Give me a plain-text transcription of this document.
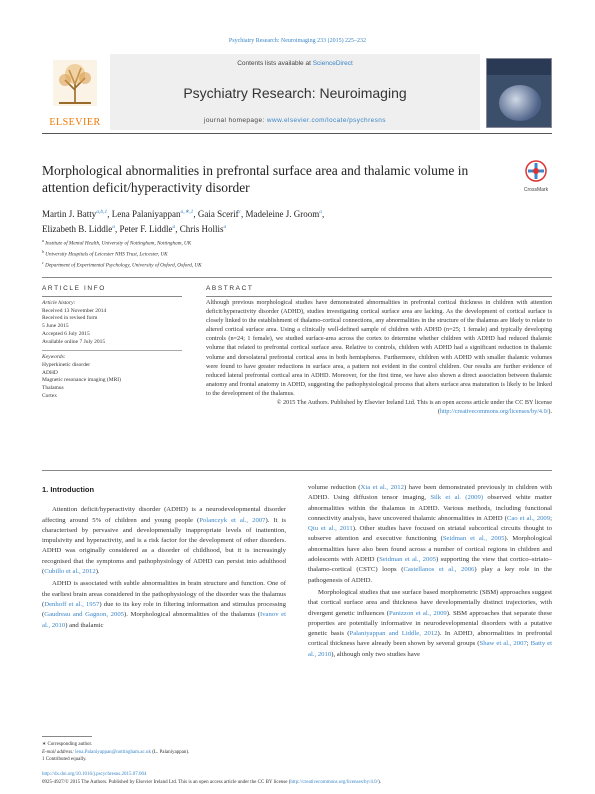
Psychiatry Research: Neuroimaging 233 (2015) 225–232
ELSEVIER
Contents lists available at ScienceDirect
Psychiatry Research: Neuroimaging
journal homepage: www.elsevier.com/locate/psychresns
Morphological abnormalities in prefrontal surface area and thalamic volume in attention deficit/hyperactivity disorder	CrossMark
Martin J. Batty$^{a,b,1}$, Lena Palaniyappan$^{a,∗,1}$, Gaia Scerif$^c$, Madeleine J. Groom$^a$,
Elizabeth B. Liddle$^a$, Peter F. Liddle$^a$, Chris Hollis$^a$
$^a$ Institute of Mental Health, University of Nottingham, Nottingham, UK
$^b$ University Hospitals of Leicester NHS Trust, Leicester, UK
$^c$ Department of Experimental Psychology, University of Oxford, Oxford, UK
ARTICLE INFO	ABSTRACT
Article history:
Received 13 November 2014
Received in revised form
5 June 2015
Accepted 6 July 2015
Available online 7 July 2015
Keywords:
Hyperkinetic disorder
ADHD
Magnetic resonance imaging (MRI)
Thalamus
Cortex
Although previous morphological studies have demonstrated abnormalities in prefrontal cortical thickness in children with attention deficit/hyperactivity disorder (ADHD), studies investigating cortical surface area are lacking. As the development of cortical surface is closely linked to the establishment of thalamo-cortical connections, any abnormalities in the structure of the thalamus are likely to relate to altered cortical surface area. Using a clinically well-defined sample of children with ADHD (n=25; 1 female) and typically developing controls (n=24; 1 female), we studied surface-area across the cortex to determine whether children with ADHD had reduced thalamic volume that related to prefrontal cortical surface area. Relative to controls, children with ADHD had a significant reduction in thalamic volume and dorsolateral prefrontal cortical area in both hemispheres. Furthermore, children with ADHD with smaller thalamic volumes were found to have greater reductions in surface area, a pattern not evident in the control children. Our results are further evidence of reduced lateral prefrontal cortical area in ADHD. Moreover, for the first time, we have also shown a direct association between thalamic anatomy and frontal anatomy in ADHD, suggesting the pathophysiological process that alters surface area maturation is likely to be linked to the development of the thalamus.
© 2015 The Authors. Published by Elsevier Ireland Ltd. This is an open access article under the CC BY license (http://creativecommons.org/licenses/by/4.0/).
1. Introduction

Attention deficit/hyperactivity disorder (ADHD) is a neurodevelopmental disorder affecting around 5% of children and young people (Polanczyk et al., 2007). It is characterised by pervasive and developmentally inappropriate levels of inattention, impulsivity and hyperactivity, and is a risk factor for the development of other disorders. ADHD was originally considered as a disorder of childhood, but it is increasingly recognised that the symptoms and pathophysiology of ADHD can persist into adulthood (Cubillo et al., 2012).

ADHD is associated with subtle abnormalities in brain structure and function. One of the earliest brain areas considered in the pathophysiology of the disorder was the thalamus (Denhoff et al., 1957) due to its key role in filtering information and stimulus processing (Gaudreau and Gagnon, 2005). Morphological abnormalities of the thalamus (Ivanov et al., 2010) and thalamic

volume reduction (Xia et al., 2012) have been demonstrated previously in children with ADHD. Using diffusion tensor imaging, Silk et al. (2009) observed white matter abnormalities within the thalamus in ADHD. Various methods, including functional connectivity analysis, have uncovered thalamic abnormalities in ADHD (Cao et al., 2009; Qiu et al., 2011). Other studies have focused on striatal subcortical circuits thought to subserve attention and executive functioning (Seidman et al., 2005). Morphological abnormalities have also been found across a number of cortical regions in children and adolescents with ADHD (Seidman et al., 2005) supporting the view that cortico–striato–thalamo-cortical (CSTC) loops (Castellanos et al., 2006) play a key role in the pathogenesis of ADHD.

Morphological studies that use surface based morphometric (SBM) approaches suggest that cortical surface area and thickness have developmentally distinct trajectories, with divergent genetic influences (Panizzon et al., 2009). SBM approaches that separate these properties are potentially informative in neurodevelopmental disorders with a putative genetic basis (Palaniyappan and Liddle, 2012). In ADHD, abnormalities in prefrontal cortical thickness have already been shown by several groups (Shaw et al., 2007; Batty et al., 2010), although only two studies have

∗ Corresponding author.
E-mail address: lena.Palaniyappan@nottingham.ac.uk (L. Palaniyappan).
1 Contributed equally.
http://dx.doi.org/10.1016/j.pscychresns.2015.07.004
0925-4927/© 2015 The Authors. Published by Elsevier Ireland Ltd. This is an open access article under the CC BY license (http://creativecommons.org/licenses/by/4.0/).
